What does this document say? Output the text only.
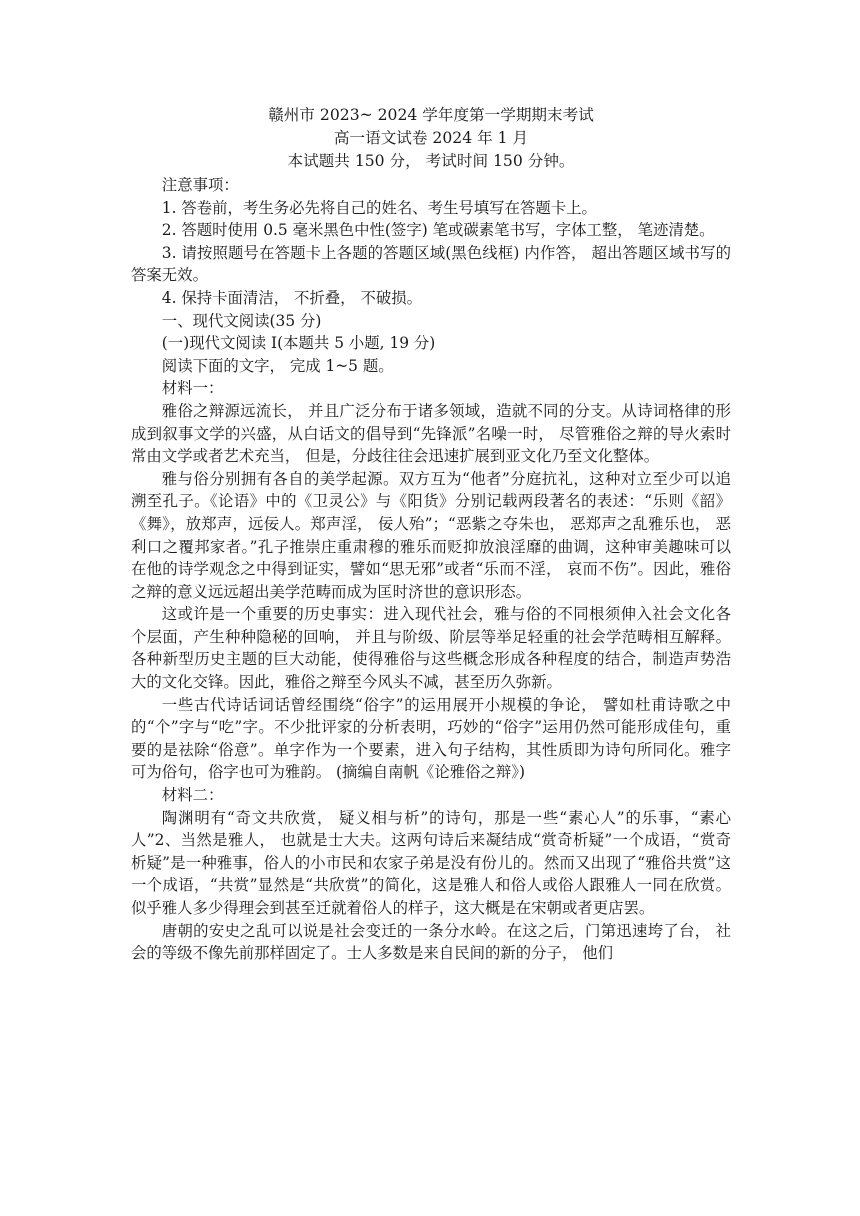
赣州市 2023~ 2024 学年度第一学期期末考试

高一语文试卷 2024 年 1 月

本试题共 150 分， 考试时间 150 分钟。

注意事项：

1. 答卷前，考生务必先将自己的姓名、考生号填写在答题卡上。

2. 答题时使用 0.5 毫米黑色中性(签字) 笔或碳素笔书写，字体工整， 笔迹清楚。

3. 请按照题号在答题卡上各题的答题区域(黑色线框) 内作答， 超出答题区域书写的答案无效。

4. 保持卡面清洁， 不折叠， 不破损。

一、现代文阅读(35 分)

(一)现代文阅读 I(本题共 5 小题, 19 分)

阅读下面的文字， 完成 1~5 题。

材料一：

雅俗之辩源远流长， 并且广泛分布于诸多领域，造就不同的分支。从诗词格律的形成到叙事文学的兴盛，从白话文的倡导到“先锋派”名噪一时， 尽管雅俗之辩的导火索时常由文学或者艺术充当， 但是，分歧往往会迅速扩展到亚文化乃至文化整体。

雅与俗分别拥有各自的美学起源。双方互为“他者”分庭抗礼，这种对立至少可以追溯至孔子。《论语》中的《卫灵公》与《阳货》分别记载两段著名的表述：“乐则《韶》《舞》，放郑声，远佞人。郑声淫， 佞人殆”；“恶紫之夺朱也， 恶郑声之乱雅乐也， 恶利口之覆邦家者。”孔子推崇庄重肃穆的雅乐而贬抑放浪淫靡的曲调，这种审美趣味可以在他的诗学观念之中得到证实，譬如“思无邪”或者“乐而不淫， 哀而不伤”。因此，雅俗之辩的意义远远超出美学范畴而成为匡时济世的意识形态。

这或许是一个重要的历史事实：进入现代社会，雅与俗的不同根须伸入社会文化各个层面，产生种种隐秘的回响， 并且与阶级、阶层等举足轻重的社会学范畴相互解释。各种新型历史主题的巨大动能，使得雅俗与这些概念形成各种程度的结合，制造声势浩大的文化交锋。因此，雅俗之辩至今风头不减，甚至历久弥新。

一些古代诗话词话曾经围绕“俗字”的运用展开小规模的争论， 譬如杜甫诗歌之中的“个”字与“吃”字。不少批评家的分析表明，巧妙的“俗字”运用仍然可能形成佳句，重要的是祛除“俗意”。单字作为一个要素，进入句子结构，其性质即为诗句所同化。雅字可为俗句，俗字也可为雅韵。 (摘编自南帆《论雅俗之辩》)

材料二：

陶渊明有“奇文共欣赏， 疑义相与析”的诗句，那是一些“素心人”的乐事，“素心人”2、当然是雅人， 也就是士大夫。这两句诗后来凝结成“赏奇析疑”一个成语，“赏奇析疑”是一种雅事，俗人的小市民和农家子弟是没有份儿的。然而又出现了“雅俗共赏”这一个成语，“共赏”显然是“共欣赏”的简化，这是雅人和俗人或俗人跟雅人一同在欣赏。似乎雅人多少得理会到甚至迁就着俗人的样子，这大概是在宋朝或者更店罢。

唐朝的安史之乱可以说是社会变迁的一条分水岭。在这之后，门第迅速垮了台， 社会的等级不像先前那样固定了。士人多数是来自民间的新的分子， 他们
